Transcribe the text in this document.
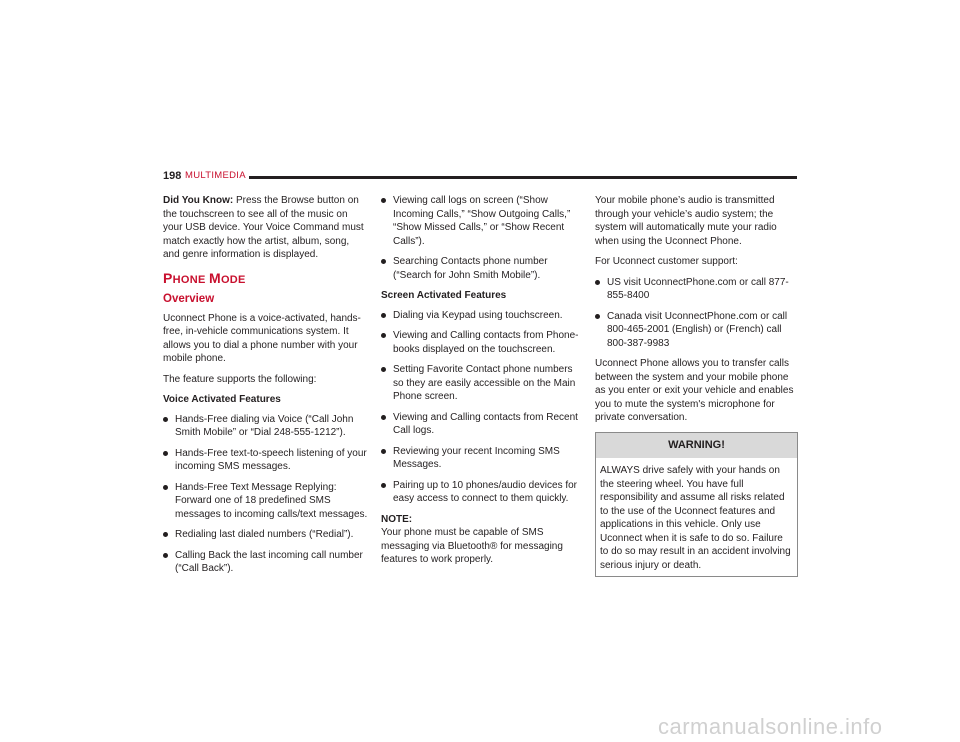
198 MULTIMEDIA

Did You Know: Press the Browse button on the touchscreen to see all of the music on your USB device. Your Voice Command must match exactly how the artist, album, song, and genre information is displayed.

PHONE MODE
Overview

Uconnect Phone is a voice-activated, hands-free, in-vehicle communications system. It allows you to dial a phone number with your mobile phone.

The feature supports the following:

Voice Activated Features
Hands-Free dialing via Voice (“Call John Smith Mobile” or “Dial 248-555-1212”).
Hands-Free text-to-speech listening of your incoming SMS messages.
Hands-Free Text Message Replying: Forward one of 18 predefined SMS messages to incoming calls/text messages.
Redialing last dialed numbers (“Redial”).
Calling Back the last incoming call number (“Call Back”).
Viewing call logs on screen (“Show Incoming Calls,” “Show Outgoing Calls,” “Show Missed Calls,” or “Show Recent Calls”).
Searching Contacts phone number (“Search for John Smith Mobile”).
Screen Activated Features
Dialing via Keypad using touchscreen.
Viewing and Calling contacts from Phone-books displayed on the touchscreen.
Setting Favorite Contact phone numbers so they are easily accessible on the Main Phone screen.
Viewing and Calling contacts from Recent Call logs.
Reviewing your recent Incoming SMS Messages.
Pairing up to 10 phones/audio devices for easy access to connect to them quickly.

NOTE:

Your phone must be capable of SMS messaging via Bluetooth® for messaging features to work properly.

Your mobile phone’s audio is transmitted through your vehicle’s audio system; the system will automatically mute your radio when using the Uconnect Phone.

For Uconnect customer support:

US visit UconnectPhone.com or call 877-855-8400
Canada visit UconnectPhone.com or call 800-465-2001 (English) or (French) call 800-387-9983

Uconnect Phone allows you to transfer calls between the system and your mobile phone as you enter or exit your vehicle and enables you to mute the system's microphone for private conversation.

WARNING!
ALWAYS drive safely with your hands on the steering wheel. You have full responsibility and assume all risks related to the use of the Uconnect features and applications in this vehicle. Only use Uconnect when it is safe to do so. Failure to do so may result in an accident involving serious injury or death.
carmanualsonline.info
